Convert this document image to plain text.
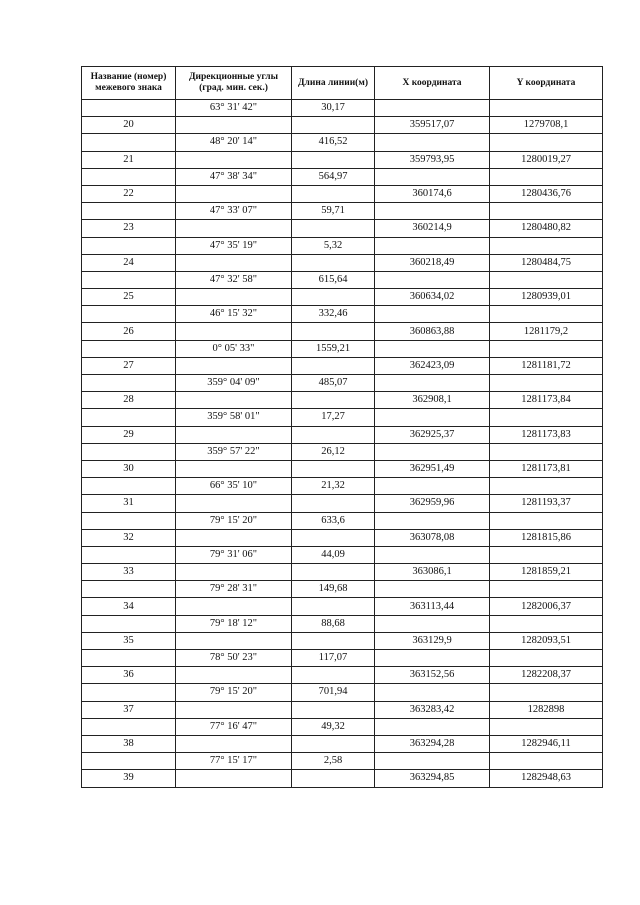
Название (номер) межевого знака	Дирекционные углы (град. мин. сек.)	Длина линии(м)	X координата	Y координата
	63° 31' 42"	30,17		
20			359517,07	1279708,1
	48° 20' 14"	416,52		
21			359793,95	1280019,27
	47° 38' 34"	564,97		
22			360174,6	1280436,76
	47° 33' 07"	59,71		
23			360214,9	1280480,82
	47° 35' 19"	5,32		
24			360218,49	1280484,75
	47° 32' 58"	615,64		
25			360634,02	1280939,01
	46° 15' 32"	332,46		
26			360863,88	1281179,2
	0° 05' 33"	1559,21		
27			362423,09	1281181,72
	359° 04' 09"	485,07		
28			362908,1	1281173,84
	359° 58' 01"	17,27		
29			362925,37	1281173,83
	359° 57' 22"	26,12		
30			362951,49	1281173,81
	66° 35' 10"	21,32		
31			362959,96	1281193,37
	79° 15' 20"	633,6		
32			363078,08	1281815,86
	79° 31' 06"	44,09		
33			363086,1	1281859,21
	79° 28' 31"	149,68		
34			363113,44	1282006,37
	79° 18' 12"	88,68		
35			363129,9	1282093,51
	78° 50' 23"	117,07		
36			363152,56	1282208,37
	79° 15' 20"	701,94		
37			363283,42	1282898
	77° 16' 47"	49,32		
38			363294,28	1282946,11
	77° 15' 17"	2,58		
39			363294,85	1282948,63
